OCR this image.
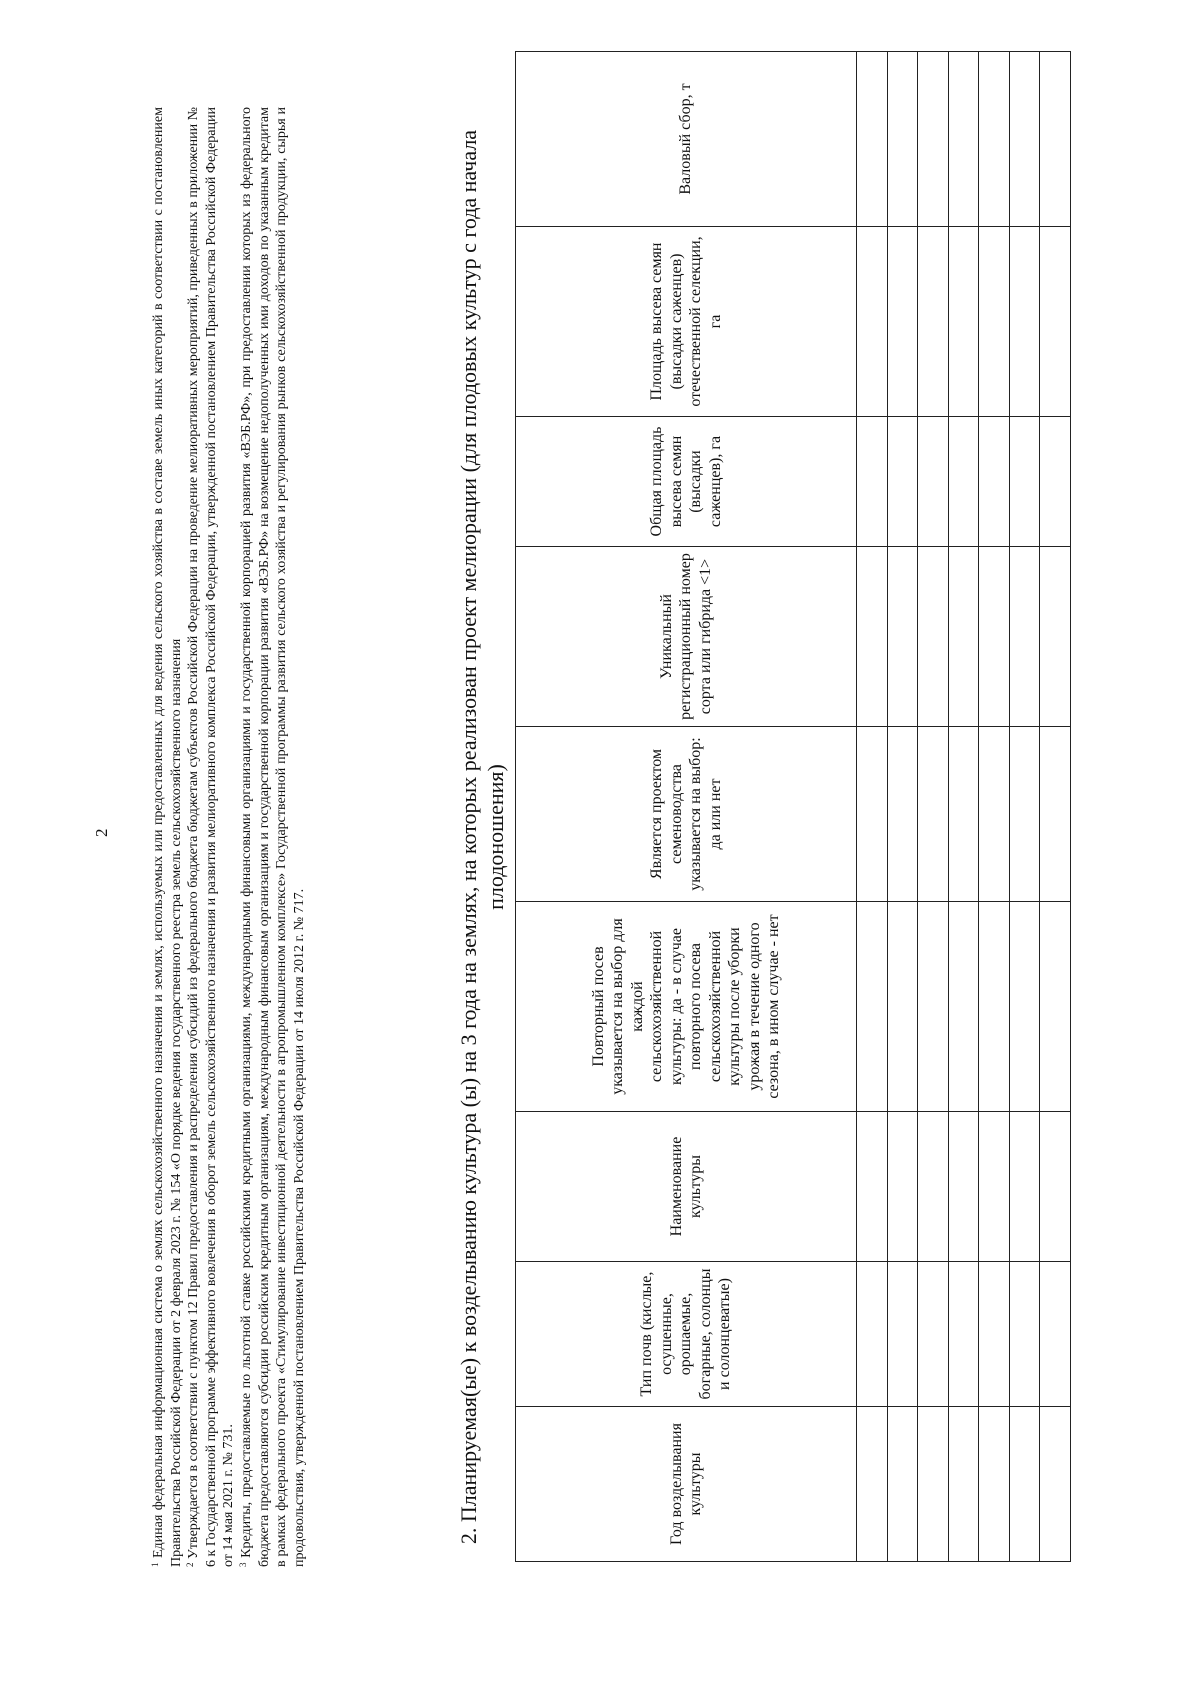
2

$^1$ Единая федеральная информационная система о землях сельскохозяйственного назначения и землях, используемых или предоставленных для ведения сельского хозяйства в составе земель иных категорий в соответствии с постановлением Правительства Российской Федерации от 2 февраля 2023 г. № 154 «О порядке ведения государственного реестра земель сельскохозяйственного назначения $^2$ Утверждается в соответствии с пунктом 12 Правил предоставления и распределения субсидий из федерального бюджета бюджетам субъектов Российской Федерации на проведение мелиоративных мероприятий, приведенных в приложении № 6 к Государственной программе эффективного вовлечения в оборот земель сельскохозяйственного назначения и развития мелиоративного комплекса Российской Федерации, утвержденной постановлением Правительства Российской Федерации от 14 мая 2021 г. № 731. $^3$ Кредиты, предоставляемые по льготной ставке российскими кредитными организациями, международными финансовыми организациями и государственной корпорацией развития «ВЭБ.РФ», при предоставлении которых из федерального бюджета предоставляются субсидии российским кредитным организациям, международным финансовым организациям и государственной корпорации развития «ВЭБ.РФ» на возмещение недополученных ими доходов по указанным кредитам в рамках федерального проекта «Стимулирование инвестиционной деятельности в агропромышленном комплексе» Государственной программы развития сельского хозяйства и регулирования рынков сельскохозяйственной продукции, сырья и продовольствия, утвержденной постановлением Правительства Российской Федерации от 14 июля 2012 г. № 717.	2. Планируемая(ые) к возделыванию культура (ы) на 3 года на землях, на которых реализован проект мелиорации (для плодовых культур с года начала плодоношения)
Год возделывания культуры	Тип почв (кислые, осушенные, орошаемые, богарные, солонцы и солонцеватые)	Наименование культуры	Повторный посев указывается на выбор для каждой сельскохозяйственной культуры: да - в случае повторного посева сельскохозяйственной культуры после уборки урожая в течение одного сезона, в ином случае - нет	Является проектом семеноводства указывается на выбор: да или нет	Уникальный регистрационный номер сорта или гибрида <1>	Общая площадь высева семян (высадки саженцев), га	Площадь высева семян (высадки саженцев) отечественной селекции, га	Валовый сбор, т
